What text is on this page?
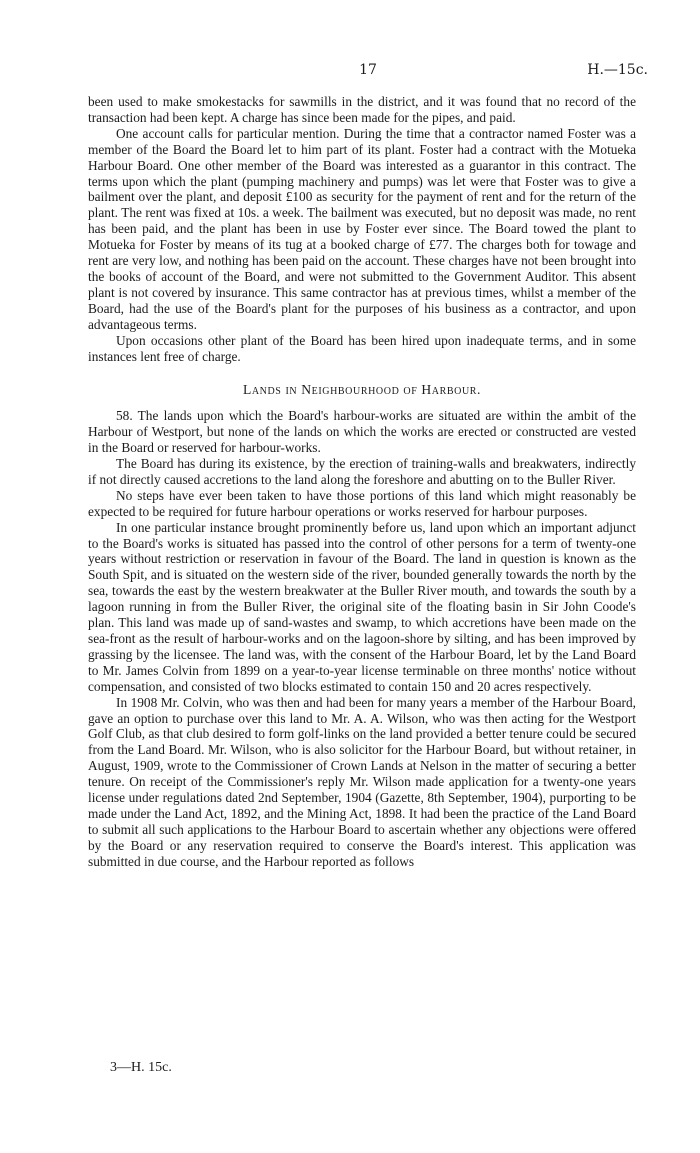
17	H.—15c.

been used to make smokestacks for sawmills in the district, and it was found that no record of the transaction had been kept. A charge has since been made for the pipes, and paid.

One account calls for particular mention. During the time that a contractor named Foster was a member of the Board the Board let to him part of its plant. Foster had a contract with the Motueka Harbour Board. One other member of the Board was interested as a guarantor in this contract. The terms upon which the plant (pumping machinery and pumps) was let were that Foster was to give a bailment over the plant, and deposit £100 as security for the payment of rent and for the return of the plant. The rent was fixed at 10s. a week. The bailment was executed, but no deposit was made, no rent has been paid, and the plant has been in use by Foster ever since. The Board towed the plant to Motueka for Foster by means of its tug at a booked charge of £77. The charges both for towage and rent are very low, and nothing has been paid on the account. These charges have not been brought into the books of account of the Board, and were not submitted to the Government Auditor. This absent plant is not covered by insurance. This same contractor has at previous times, whilst a member of the Board, had the use of the Board's plant for the purposes of his business as a contractor, and upon advantageous terms.

Upon occasions other plant of the Board has been hired upon inadequate terms, and in some instances lent free of charge.

Lands in Neighbourhood of Harbour.

58. The lands upon which the Board's harbour-works are situated are within the ambit of the Harbour of Westport, but none of the lands on which the works are erected or constructed are vested in the Board or reserved for harbour-works.

The Board has during its existence, by the erection of training-walls and breakwaters, indirectly if not directly caused accretions to the land along the foreshore and abutting on to the Buller River.

No steps have ever been taken to have those portions of this land which might reasonably be expected to be required for future harbour operations or works reserved for harbour purposes.

In one particular instance brought prominently before us, land upon which an important adjunct to the Board's works is situated has passed into the control of other persons for a term of twenty-one years without restriction or reservation in favour of the Board. The land in question is known as the South Spit, and is situated on the western side of the river, bounded generally towards the north by the sea, towards the east by the western breakwater at the Buller River mouth, and towards the south by a lagoon running in from the Buller River, the original site of the floating basin in Sir John Coode's plan. This land was made up of sand-wastes and swamp, to which accretions have been made on the sea-front as the result of harbour-works and on the lagoon-shore by silting, and has been improved by grassing by the licensee. The land was, with the consent of the Harbour Board, let by the Land Board to Mr. James Colvin from 1899 on a year-to-year license terminable on three months' notice without compensation, and consisted of two blocks estimated to contain 150 and 20 acres respectively.

In 1908 Mr. Colvin, who was then and had been for many years a member of the Harbour Board, gave an option to purchase over this land to Mr. A. A. Wilson, who was then acting for the Westport Golf Club, as that club desired to form golf-links on the land provided a better tenure could be secured from the Land Board. Mr. Wilson, who is also solicitor for the Harbour Board, but without retainer, in August, 1909, wrote to the Commissioner of Crown Lands at Nelson in the matter of securing a better tenure. On receipt of the Commissioner's reply Mr. Wilson made application for a twenty-one years license under regulations dated 2nd September, 1904 (Gazette, 8th September, 1904), purporting to be made under the Land Act, 1892, and the Mining Act, 1898. It had been the practice of the Land Board to submit all such applications to the Harbour Board to ascertain whether any objections were offered by the Board or any reservation required to conserve the Board's interest. This application was submitted in due course, and the Harbour reported as follows

3—H. 15c.
